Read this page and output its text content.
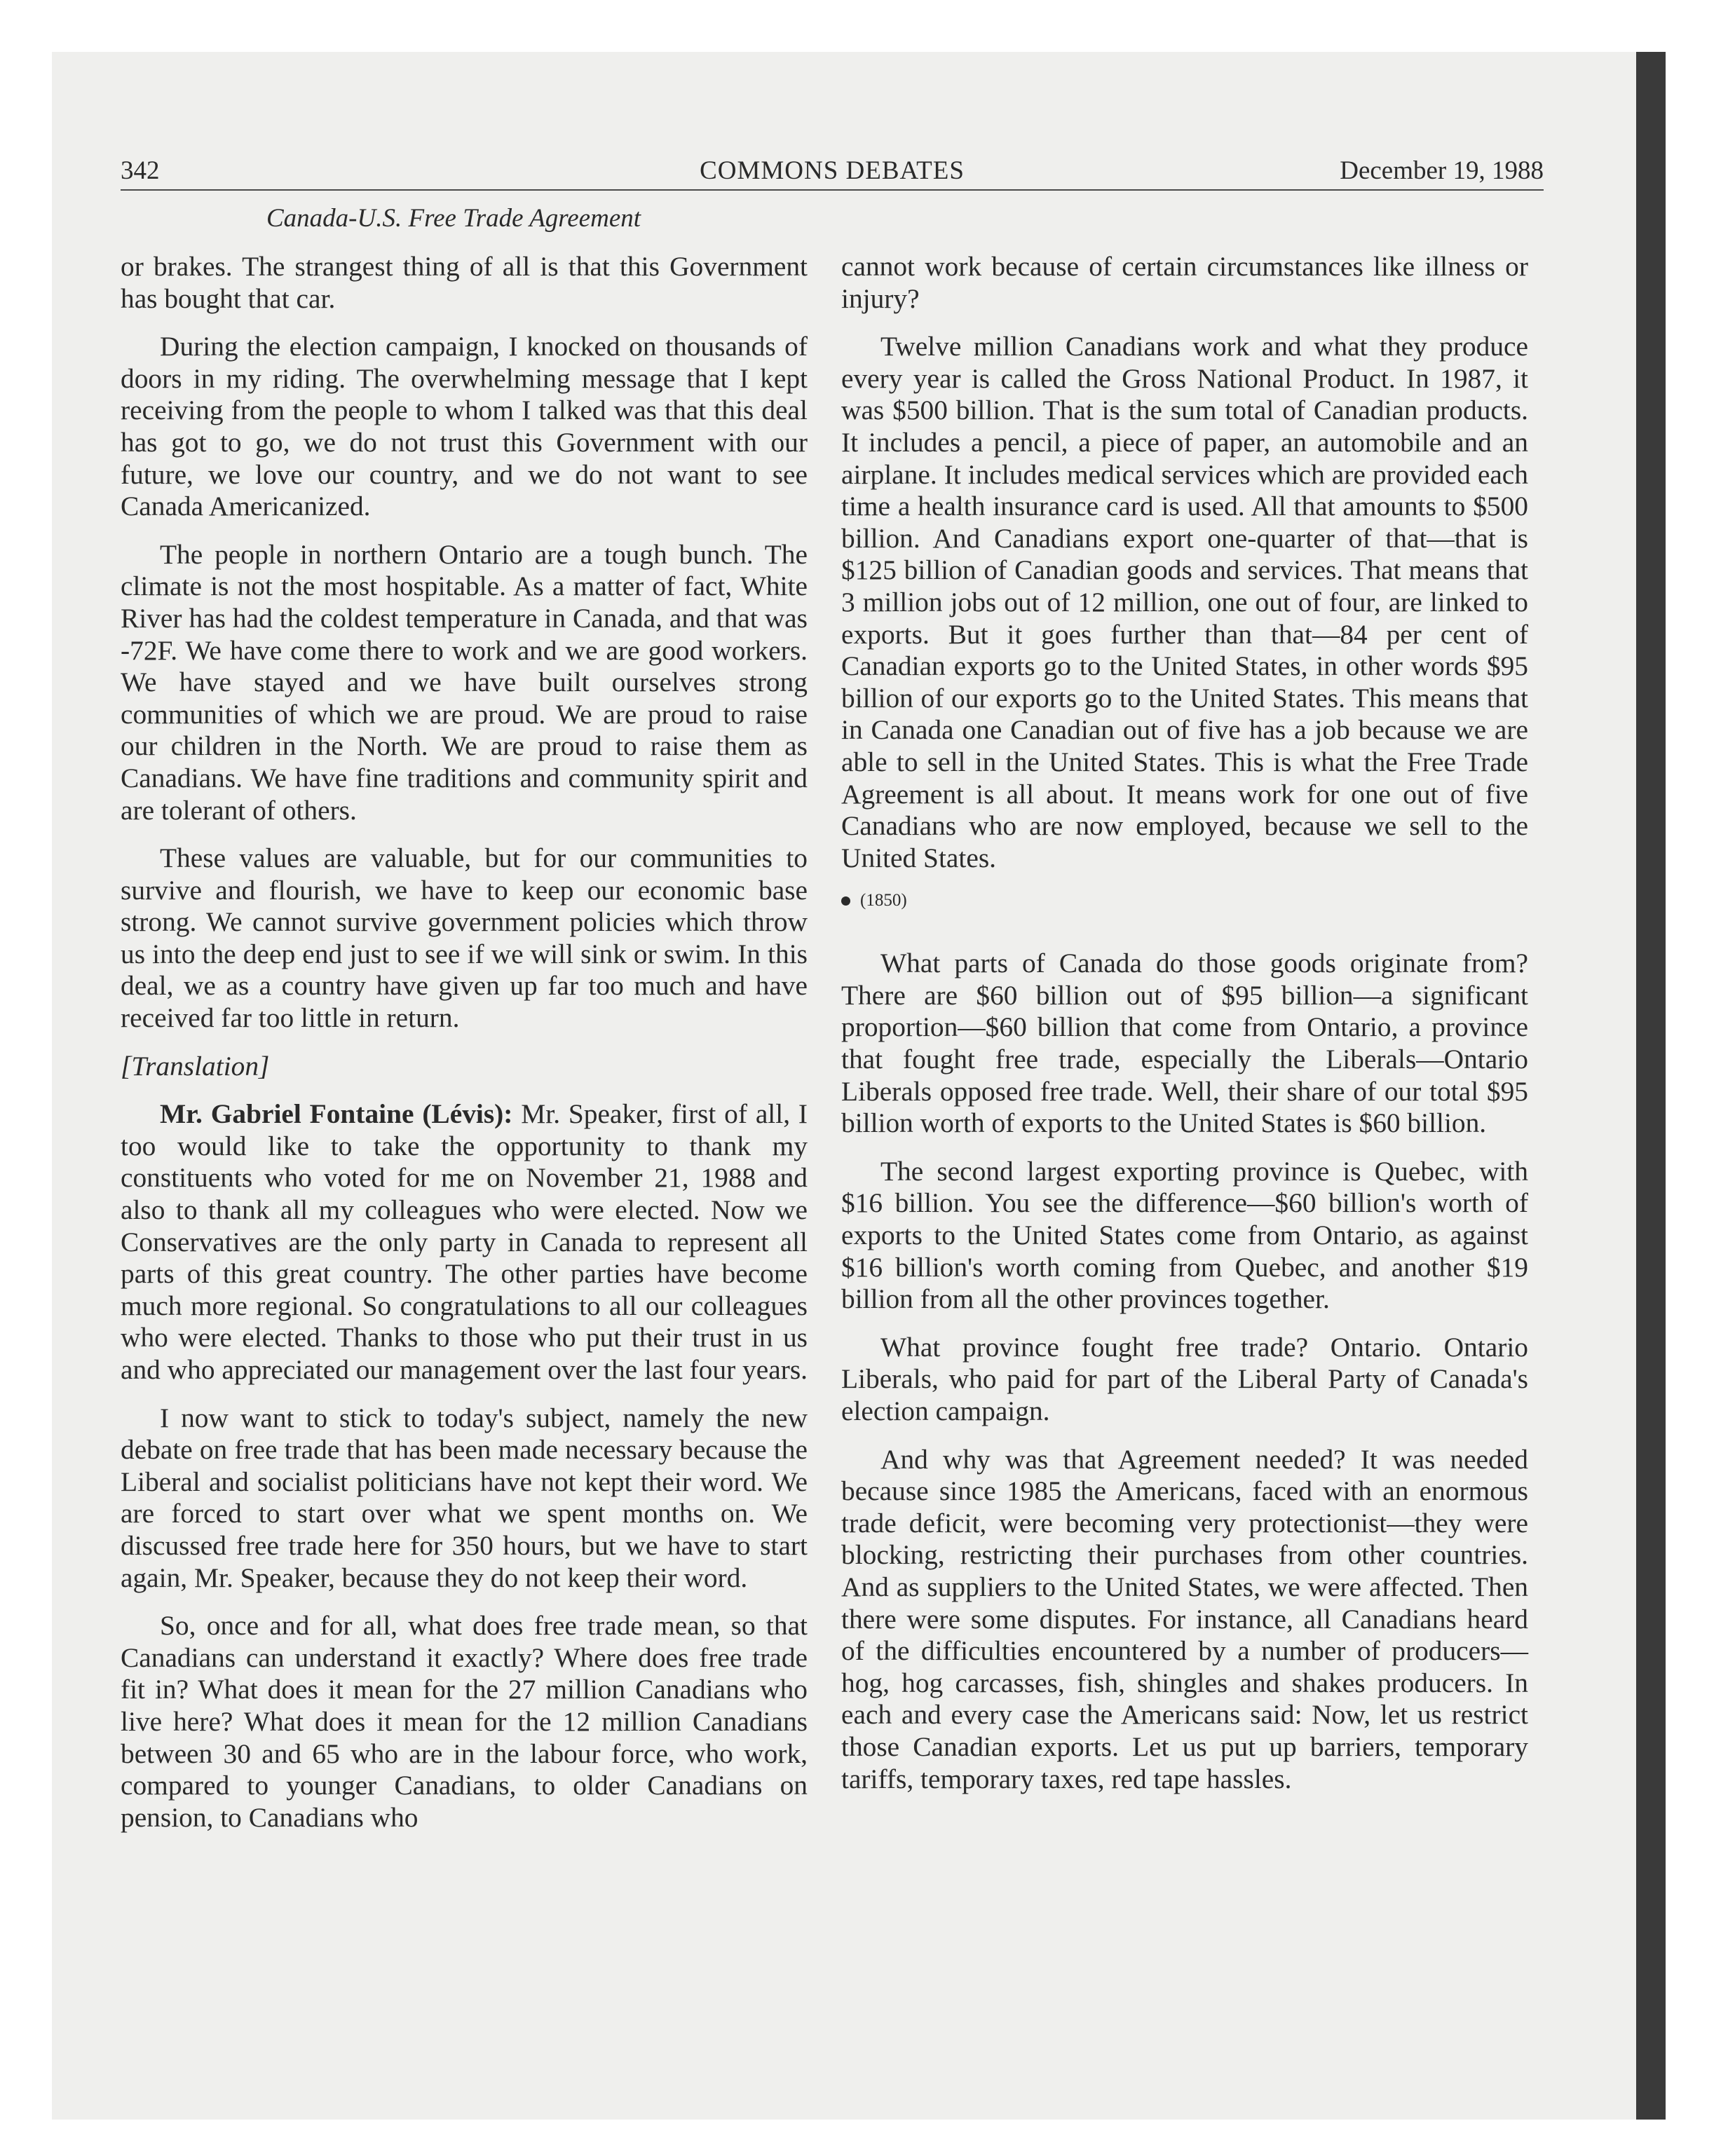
342	COMMONS DEBATES	December 19, 1988
Canada-U.S. Free Trade Agreement

or brakes. The strangest thing of all is that this Government has bought that car.

During the election campaign, I knocked on thousands of doors in my riding. The overwhelming message that I kept receiving from the people to whom I talked was that this deal has got to go, we do not trust this Government with our future, we love our country, and we do not want to see Canada Americanized.

The people in northern Ontario are a tough bunch. The climate is not the most hospitable. As a matter of fact, White River has had the coldest temperature in Canada, and that was -72F. We have come there to work and we are good workers. We have stayed and we have built ourselves strong communities of which we are proud. We are proud to raise our children in the North. We are proud to raise them as Canadians. We have fine traditions and community spirit and are tolerant of others.

These values are valuable, but for our communities to survive and flourish, we have to keep our economic base strong. We cannot survive government policies which throw us into the deep end just to see if we will sink or swim. In this deal, we as a country have given up far too much and have received far too little in return.

[Translation]

Mr. Gabriel Fontaine (Lévis): Mr. Speaker, first of all, I too would like to take the opportunity to thank my constituents who voted for me on November 21, 1988 and also to thank all my colleagues who were elected. Now we Conservatives are the only party in Canada to represent all parts of this great country. The other parties have become much more regional. So congratulations to all our colleagues who were elected. Thanks to those who put their trust in us and who appreciated our management over the last four years.

I now want to stick to today's subject, namely the new debate on free trade that has been made necessary because the Liberal and socialist politicians have not kept their word. We are forced to start over what we spent months on. We discussed free trade here for 350 hours, but we have to start again, Mr. Speaker, because they do not keep their word.

So, once and for all, what does free trade mean, so that Canadians can understand it exactly? Where does free trade fit in? What does it mean for the 27 million Canadians who live here? What does it mean for the 12 million Canadians between 30 and 65 who are in the labour force, who work, compared to younger Canadians, to older Canadians on pension, to Canadians who

cannot work because of certain circumstances like illness or injury?

Twelve million Canadians work and what they produce every year is called the Gross National Product. In 1987, it was $500 billion. That is the sum total of Canadian products. It includes a pencil, a piece of paper, an automobile and an airplane. It includes medical services which are provided each time a health insurance card is used. All that amounts to $500 billion. And Canadians export one-quarter of that—that is $125 billion of Canadian goods and services. That means that 3 million jobs out of 12 million, one out of four, are linked to exports. But it goes further than that—84 per cent of Canadian exports go to the United States, in other words $95 billion of our exports go to the United States. This means that in Canada one Canadian out of five has a job because we are able to sell in the United States. This is what the Free Trade Agreement is all about. It means work for one out of five Canadians who are now employed, because we sell to the United States.

(1850)

What parts of Canada do those goods originate from? There are $60 billion out of $95 billion—a significant proportion—$60 billion that come from Ontario, a province that fought free trade, especially the Liberals—Ontario Liberals opposed free trade. Well, their share of our total $95 billion worth of exports to the United States is $60 billion.

The second largest exporting province is Quebec, with $16 billion. You see the difference—$60 billion's worth of exports to the United States come from Ontario, as against $16 billion's worth coming from Quebec, and another $19 billion from all the other provinces together.

What province fought free trade? Ontario. Ontario Liberals, who paid for part of the Liberal Party of Canada's election campaign.

And why was that Agreement needed? It was needed because since 1985 the Americans, faced with an enormous trade deficit, were becoming very protectionist—they were blocking, restricting their purchases from other countries. And as suppliers to the United States, we were affected. Then there were some disputes. For instance, all Canadians heard of the difficulties encountered by a number of producers—hog, hog carcasses, fish, shingles and shakes producers. In each and every case the Americans said: Now, let us restrict those Canadian exports. Let us put up barriers, temporary tariffs, temporary taxes, red tape hassles.
